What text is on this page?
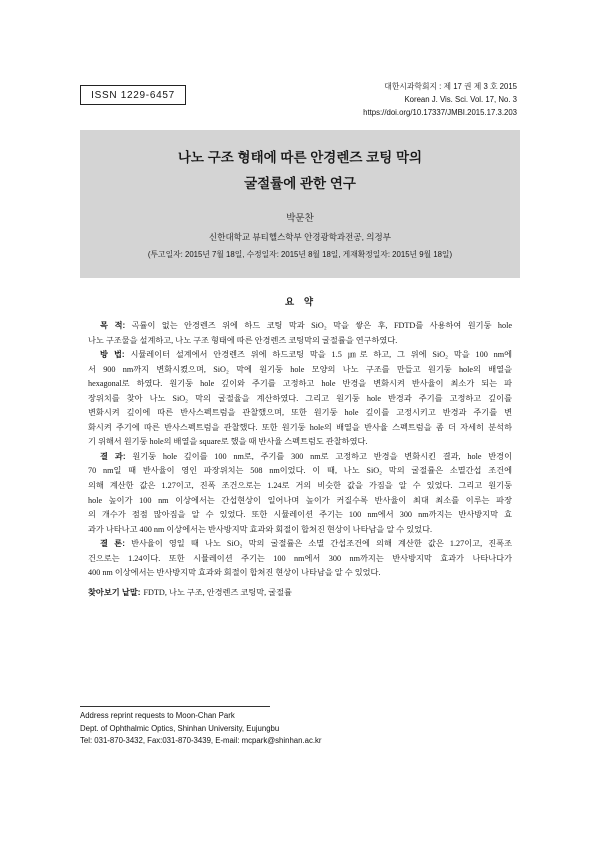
ISSN 1229-6457
대한시과학회지 : 제 17 권 제 3 호 2015
Korean J. Vis. Sci. Vol. 17, No. 3
https://doi.org/10.17337/JMBI.2015.17.3.203
나노 구조 형태에 따른 안경렌즈 코팅 막의
굴절률에 관한 연구
박문찬
신한대학교 뷰티헬스학부 안경광학과전공, 의정부
(투고일자: 2015년 7월 18일, 수정일자: 2015년 8월 18일, 게재확정일자: 2015년 9월 18일)
요 약
목 적: 곡률이 없는 안경렌즈 위에 하드 코팅 막과 SiO₂ 막을 쌓은 후, FDTD를 사용하여 원기둥 hole
나노 구조물을 설계하고, 나노 구조 형태에 따른 안경렌즈 코팅막의 굴절률을 연구하였다.
방 법: 시뮬레이터 설계에서 안경렌즈 위에 하드코팅 막을 1.5 ㎛로 하고, 그 위에 SiO₂ 막을 100 nm에
서 900 nm까지 변화시켰으며, SiO₂ 막에 원기둥 hole 모양의 나노 구조를 만들고 원기둥 hole의 배열을
hexagonal로 하였다. 원기둥 hole 깊이와 주기를 고정하고 hole 반경을 변화시켜 반사율이 최소가 되는 파
장위치를 찾아 나노 SiO₂ 막의 굴절율을 계산하였다. 그리고 원기둥 hole 반경과 주기를 고정하고 깊이를
변화시켜 깊이에 따른 반사스펙트럼을 관찰했으며, 또한 원기둥 hole 깊이를 고정시키고 반경과 주기를 변
화시켜 주기에 따른 반사스펙트럼을 관찰했다. 또한 원기둥 hole의 배열을 반사율 스펙트럼을 좀 더 자세히 분석하
기 위해서 원기둥 hole의 배열을 square로 했을 때 반사율 스펙트럼도 관찰하였다.
결 과: 원기둥 hole 깊이를 100 nm로, 주기를 300 nm로 고정하고 반경을 변화시킨 결과, hole 반경이
70 nm일 때 반사율이 영인 파장위치는 508 nm이었다. 이 때, 나노 SiO₂ 막의 굴절률은 소멸간섭 조건에
의해 계산한 값은 1.27이고, 진폭 조건으로는 1.24로 거의 비슷한 값을 가짐을 알 수 있었다. 그리고 원기둥
hole 높이가 100 nm 이상에서는 간섭현상이 일어나며 높이가 커질수록 반사율이 최대 최소를 이루는 파장
의 개수가 점점 많아짐을 알 수 있었다. 또한 시뮬레이션 주기는 100 nm에서 300 nm까지는 반사방지막 효
과가 나타나고 400 nm 이상에서는 반사방지막 효과와 회절이 합쳐진 현상이 나타남을 알 수 있었다.
결 론: 반사율이 영일 때 나노 SiO₂ 막의 굴절률은 소멸 간섭조건에 의해 계산한 값은 1.27이고, 진폭조
건으로는 1.24이다. 또한 시뮬레이션 주기는 100 nm에서 300 nm까지는 반사방지막 효과가 나타나다가
400 nm 이상에서는 반사방지막 효과와 회절이 합쳐진 현상이 나타남을 알 수 있었다.
찾아보기 낱말: FDTD, 나노 구조, 안경렌즈 코팅막, 굴절률
Address reprint requests to Moon-Chan Park
Dept. of Ophthalmic Optics, Shinhan University, Eujungbu
Tel: 031-870-3432, Fax:031-870-3439, E-mail: mcpark@shinhan.ac.kr
